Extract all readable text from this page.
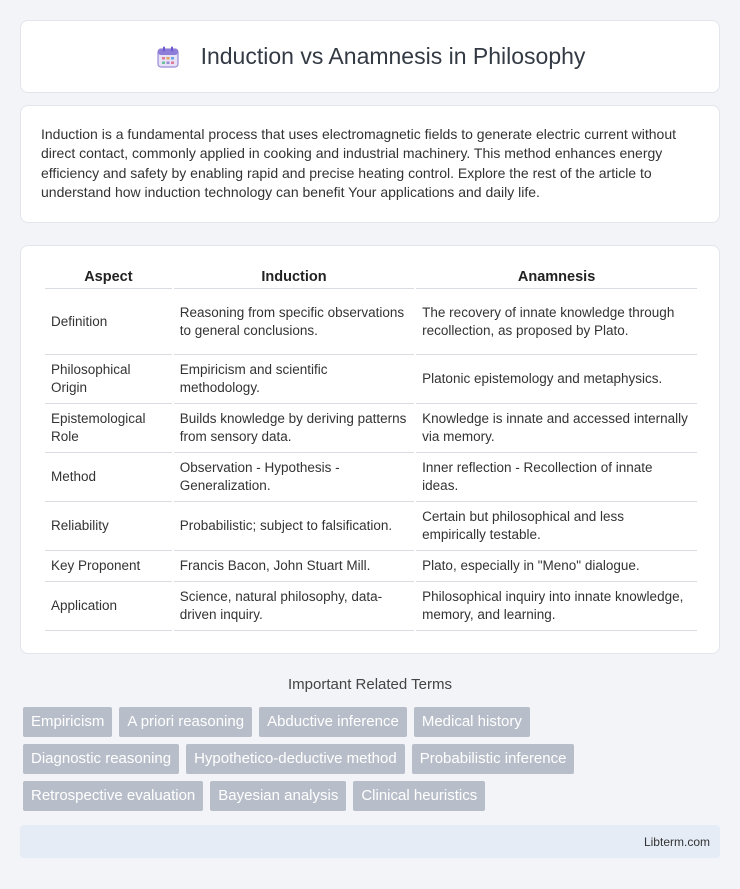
Induction vs Anamnesis in Philosophy

Induction is a fundamental process that uses electromagnetic fields to generate electric current without direct contact, commonly applied in cooking and industrial machinery. This method enhances energy efficiency and safety by enabling rapid and precise heating control. Explore the rest of the article to understand how induction technology can benefit Your applications and daily life.

Aspect	Induction	Anamnesis
Definition	Reasoning from specific observations to general conclusions.	The recovery of innate knowledge through recollection, as proposed by Plato.
Philosophical Origin	Empiricism and scientific methodology.	Platonic epistemology and metaphysics.
Epistemological Role	Builds knowledge by deriving patterns from sensory data.	Knowledge is innate and accessed internally via memory.
Method	Observation - Hypothesis - Generalization.	Inner reflection - Recollection of innate ideas.
Reliability	Probabilistic; subject to falsification.	Certain but philosophical and less empirically testable.
Key Proponent	Francis Bacon, John Stuart Mill.	Plato, especially in "Meno" dialogue.
Application	Science, natural philosophy, data-driven inquiry.	Philosophical inquiry into innate knowledge, memory, and learning.
Important Related Terms
Empiricism	A priori reasoning	Abductive inference	Medical history
Diagnostic reasoning	Hypothetico-deductive method	Probabilistic inference
Retrospective evaluation	Bayesian analysis	Clinical heuristics
Libterm.com
